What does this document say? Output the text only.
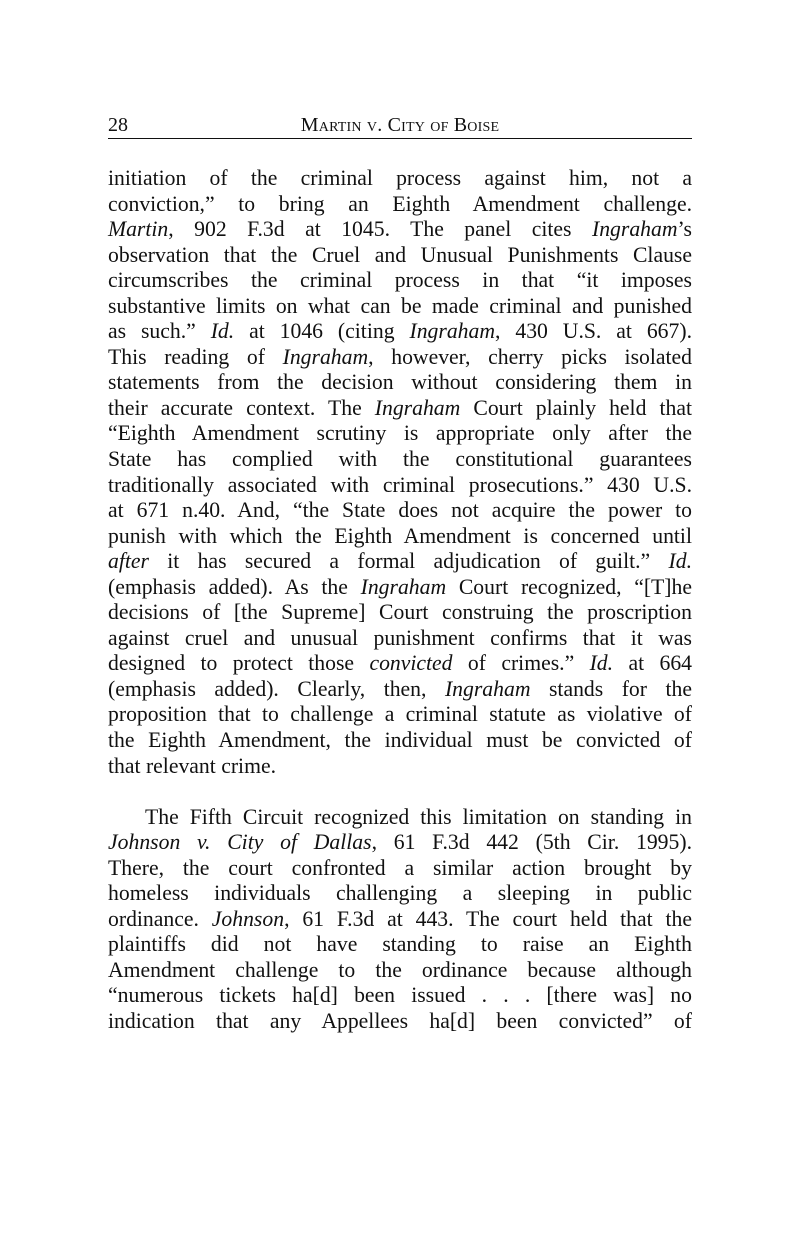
28	Martin v. City of Boise

initiation of the criminal process against him, not a
conviction,” to bring an Eighth Amendment challenge.
Martin, 902 F.3d at 1045. The panel cites Ingraham’s
observation that the Cruel and Unusual Punishments Clause
circumscribes the criminal process in that “it imposes
substantive limits on what can be made criminal and punished
as such.” Id. at 1046 (citing Ingraham, 430 U.S. at 667).
This reading of Ingraham, however, cherry picks isolated
statements from the decision without considering them in
their accurate context. The Ingraham Court plainly held that
“Eighth Amendment scrutiny is appropriate only after the
State has complied with the constitutional guarantees
traditionally associated with criminal prosecutions.” 430 U.S.
at 671 n.40. And, “the State does not acquire the power to
punish with which the Eighth Amendment is concerned until
after it has secured a formal adjudication of guilt.” Id.
(emphasis added). As the Ingraham Court recognized, “[T]he
decisions of [the Supreme] Court construing the proscription
against cruel and unusual punishment confirms that it was
designed to protect those convicted of crimes.” Id. at 664
(emphasis added). Clearly, then, Ingraham stands for the
proposition that to challenge a criminal statute as violative of
the Eighth Amendment, the individual must be convicted of
that relevant crime.

The Fifth Circuit recognized this limitation on standing in
Johnson v. City of Dallas, 61 F.3d 442 (5th Cir. 1995).
There, the court confronted a similar action brought by
homeless individuals challenging a sleeping in public
ordinance. Johnson, 61 F.3d at 443. The court held that the
plaintiffs did not have standing to raise an Eighth
Amendment challenge to the ordinance because although
“numerous tickets ha[d] been issued . . . [there was] no
indication that any Appellees ha[d] been convicted” of
